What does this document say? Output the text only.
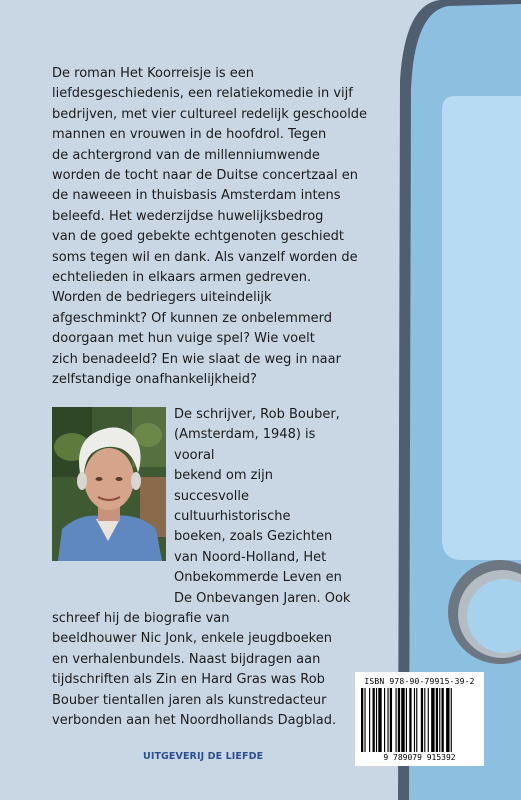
De roman Het Koorreisje is een

liefdesgeschiedenis, een relatiekomedie in vijf

bedrijven, met vier cultureel redelijk geschoolde

mannen en vrouwen in de hoofdrol. Tegen

de achtergrond van de millenniumwende

worden de tocht naar de Duitse concertzaal en

de naweeen in thuisbasis Amsterdam intens

beleefd. Het wederzijdse huwelijksbedrog

van de goed gebekte echtgenoten geschiedt

soms tegen wil en dank. Als vanzelf worden de

echtelieden in elkaars armen gedreven.

Worden de bedriegers uiteindelijk

afgeschminkt? Of kunnen ze onbelemmerd

doorgaan met hun vuige spel? Wie voelt

zich benadeeld? En wie slaat de weg in naar

zelfstandige onafhankelijkheid?

De schrijver, Rob Bouber,
(Amsterdam, 1948) is vooral
bekend om zijn succesvolle
cultuurhistorische
boeken, zoals Gezichten
van Noord-Holland, Het
Onbekommerde Leven en
De Onbevangen Jaren. Ook
schreef hij de biografie van
beeldhouwer Nic Jonk, enkele jeugdboeken
en verhalenbundels. Naast bijdragen aan
tijdschriften als Zin en Hard Gras was Rob
Bouber tientallen jaren als kunstredacteur
verbonden aan het Noordhollands Dagblad.
ISBN 978-90-79915-39-2
9 789079 915392
UITGEVERIJ DE LIEFDE
